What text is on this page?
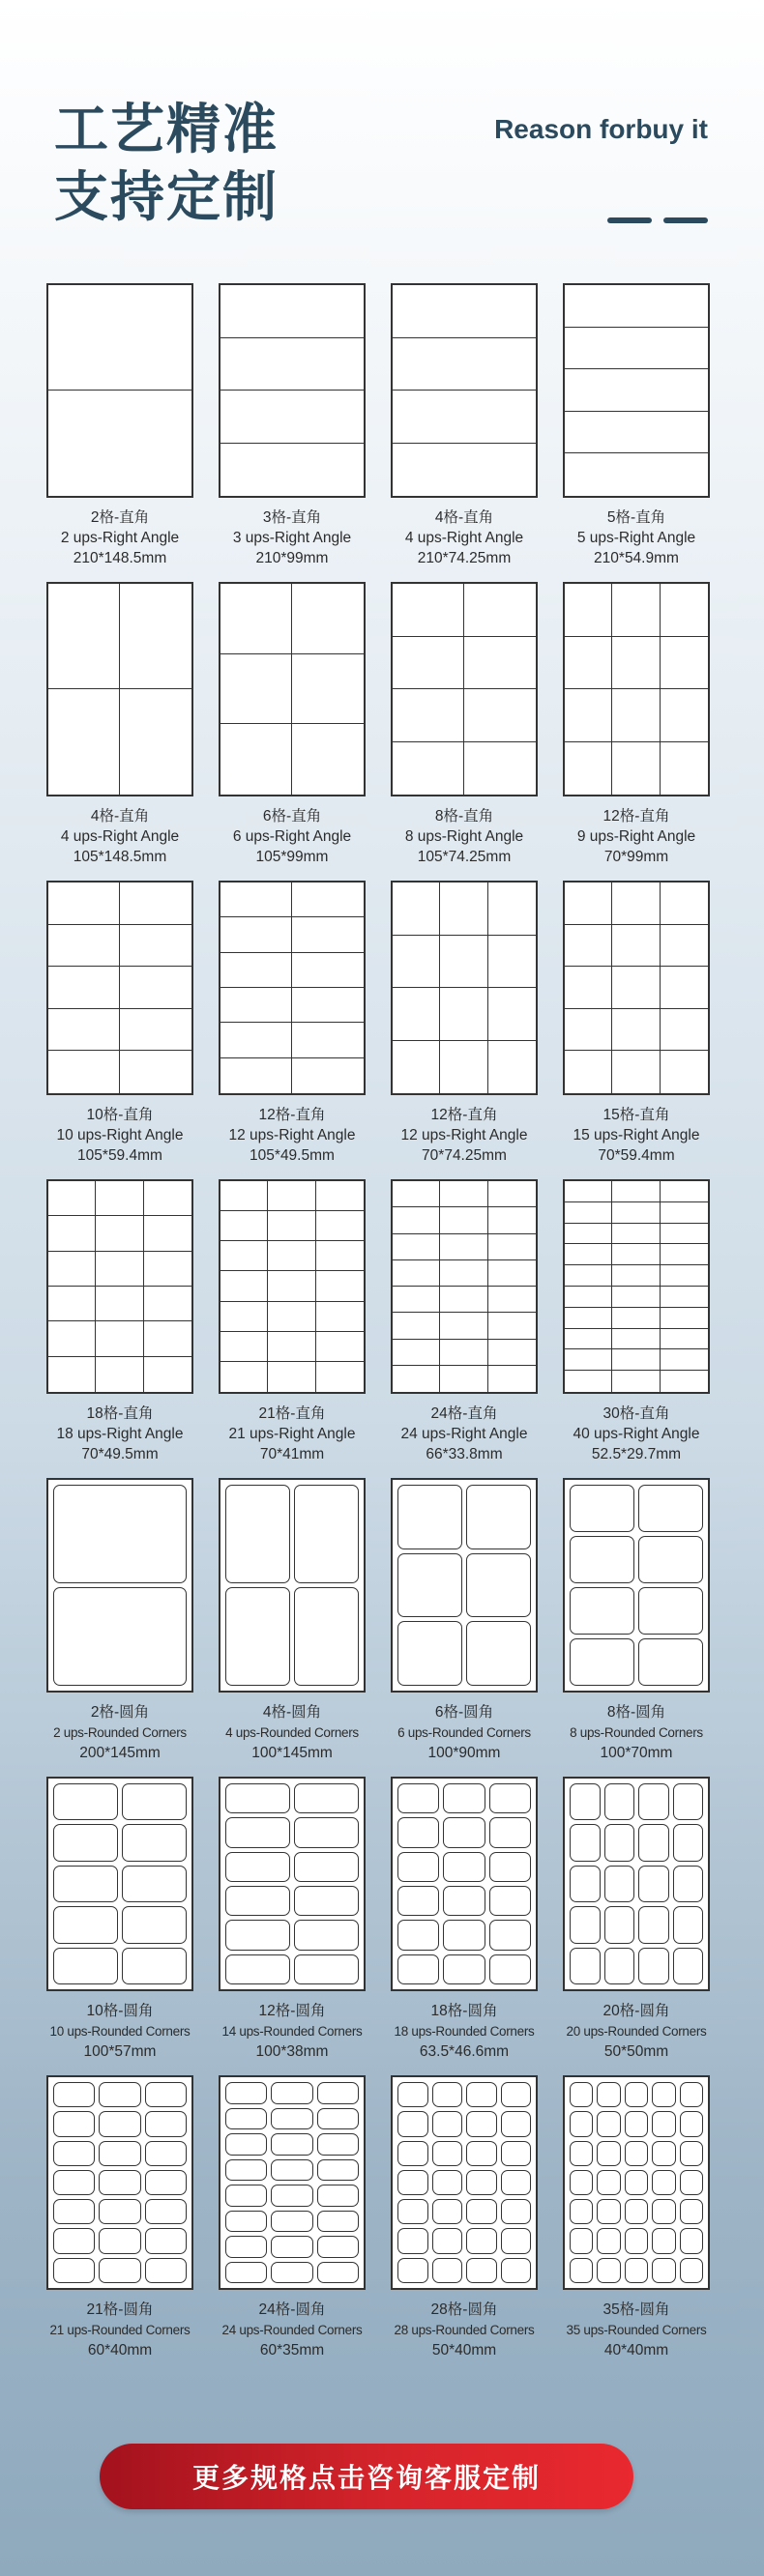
工艺精准
支持定制
Reason forbuy it
2格-直角
2 ups-Right Angle
210*148.5mm
3格-直角
3 ups-Right Angle
210*99mm
4格-直角
4 ups-Right Angle
210*74.25mm
5格-直角
5 ups-Right Angle
210*54.9mm
4格-直角
4 ups-Right Angle
105*148.5mm
6格-直角
6 ups-Right Angle
105*99mm
8格-直角
8 ups-Right Angle
105*74.25mm
12格-直角
9 ups-Right Angle
70*99mm
10格-直角
10 ups-Right Angle
105*59.4mm
12格-直角
12 ups-Right Angle
105*49.5mm
12格-直角
12 ups-Right Angle
70*74.25mm
15格-直角
15 ups-Right Angle
70*59.4mm
18格-直角
18 ups-Right Angle
70*49.5mm
21格-直角
21 ups-Right Angle
70*41mm
24格-直角
24 ups-Right Angle
66*33.8mm
30格-直角
40 ups-Right Angle
52.5*29.7mm
2格-圆角
2 ups-Rounded Corners
200*145mm
4格-圆角
4 ups-Rounded Corners
100*145mm
6格-圆角
6 ups-Rounded Corners
100*90mm
8格-圆角
8 ups-Rounded Corners
100*70mm
10格-圆角
10 ups-Rounded Corners
100*57mm
12格-圆角
14 ups-Rounded Corners
100*38mm
18格-圆角
18 ups-Rounded Corners
63.5*46.6mm
20格-圆角
20 ups-Rounded Corners
50*50mm
21格-圆角
21 ups-Rounded Corners
60*40mm
24格-圆角
24 ups-Rounded Corners
60*35mm
28格-圆角
28 ups-Rounded Corners
50*40mm
35格-圆角
35 ups-Rounded Corners
40*40mm
更多规格点击咨询客服定制
